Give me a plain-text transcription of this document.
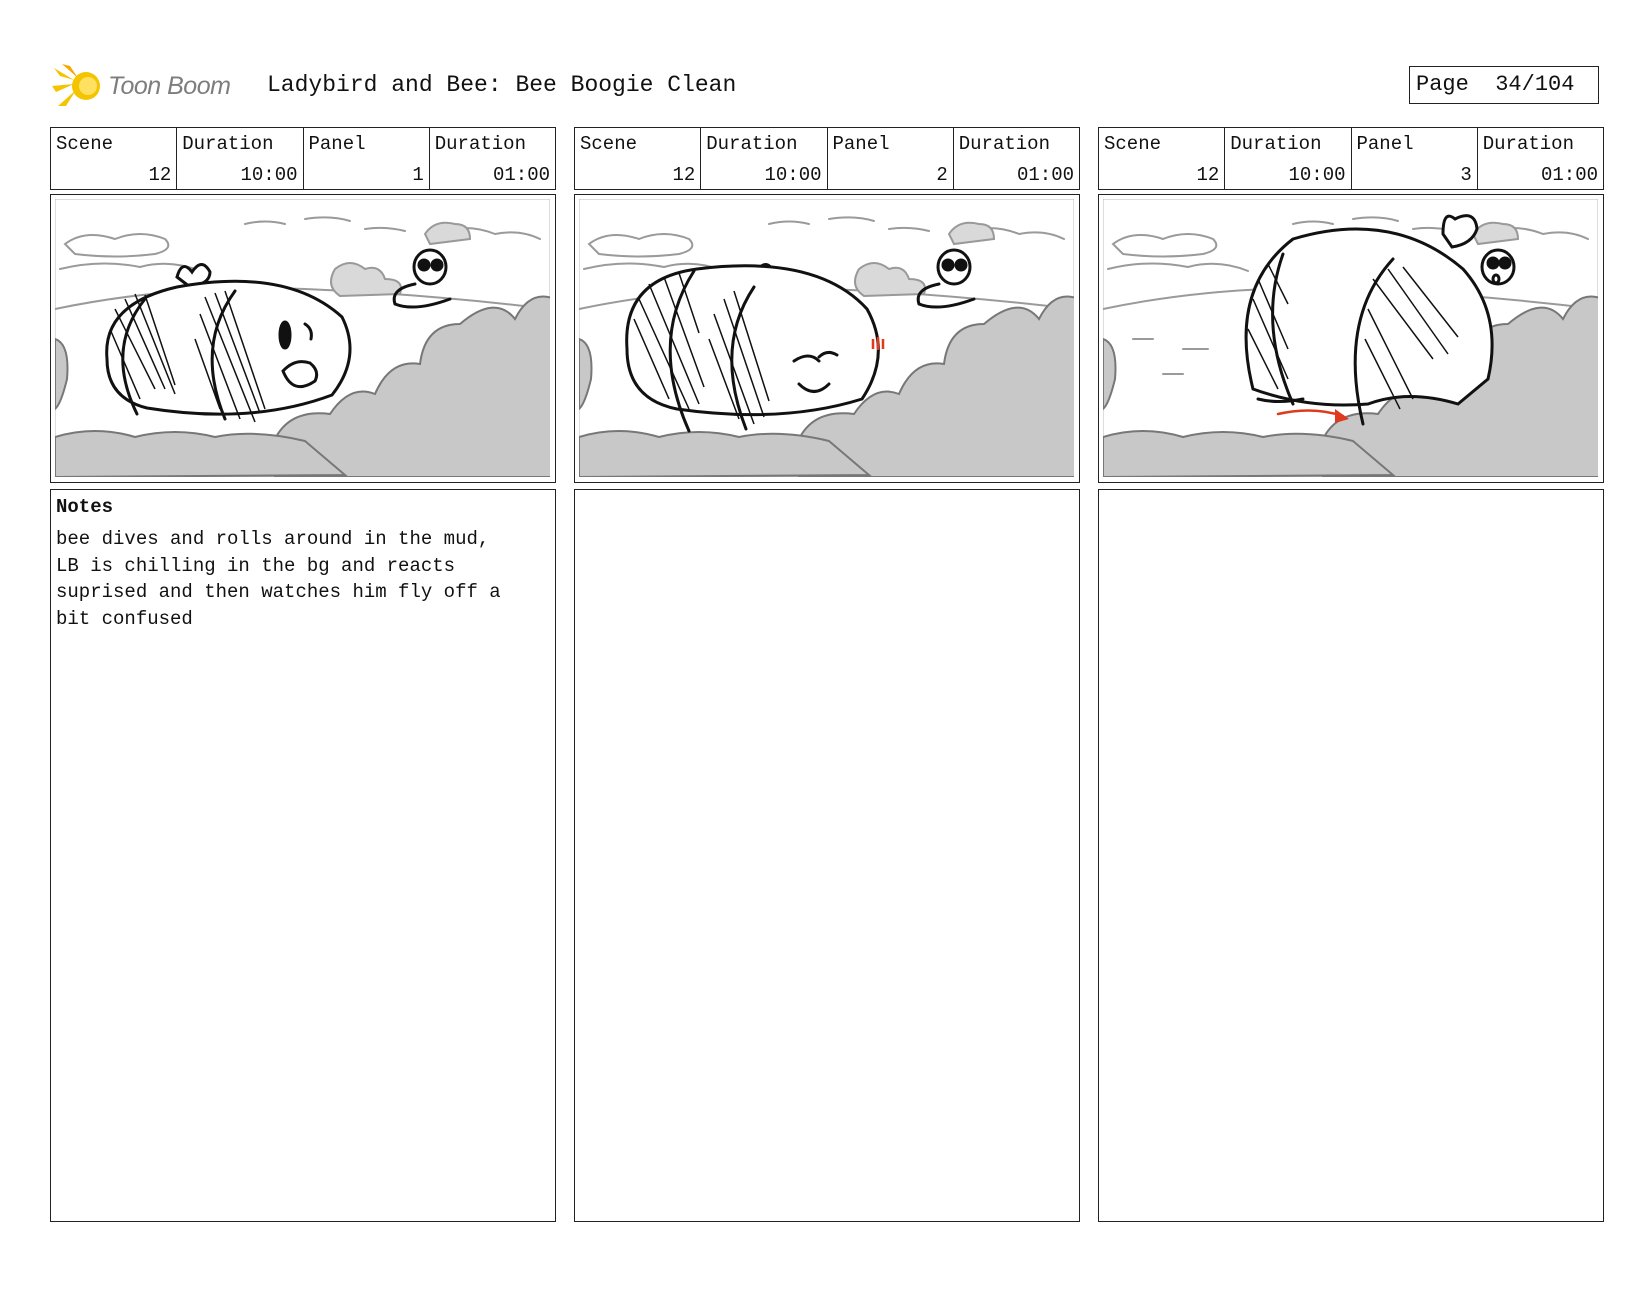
Toon Boom Ladybird and Bee: Bee Boogie Clean	Page 34/104
Scene
12
Duration
10:00
Panel
1
Duration
01:00
Notes
bee dives and rolls around in the mud,
LB is chilling in the bg and reacts
suprised and then watches him fly off a
bit confused
Scene
12
Duration
10:00
Panel
2
Duration
01:00
Scene
12
Duration
10:00
Panel
3
Duration
01:00
